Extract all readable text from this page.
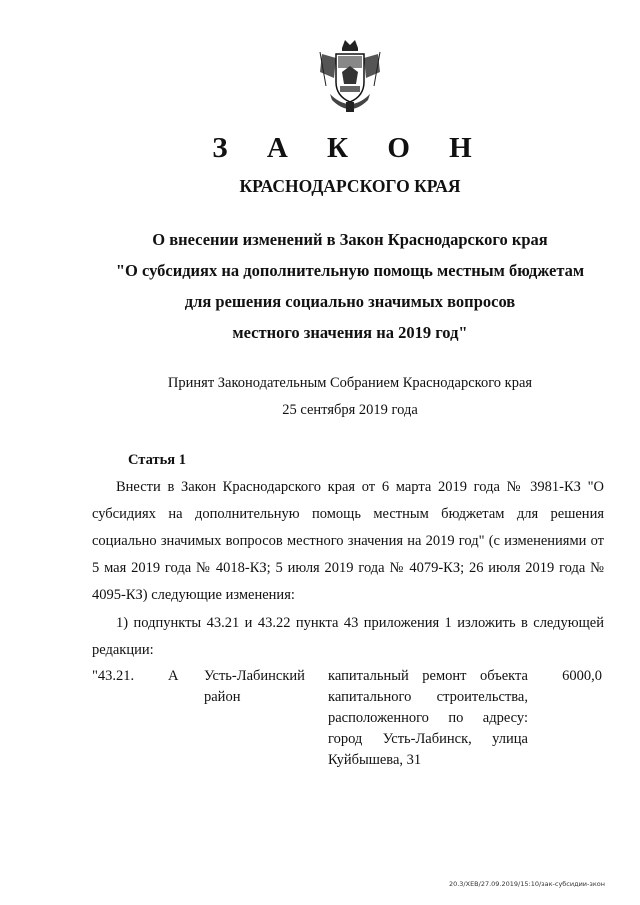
З А К О Н
КРАСНОДАРСКОГО КРАЯ
О внесении изменений в Закон Краснодарского края
"О субсидиях на дополнительную помощь местным бюджетам
для решения социально значимых вопросов
местного значения на 2019 год"
Принят Законодательным Собранием Краснодарского края
25 сентября 2019 года
Статья 1
Внести в Закон Краснодарского края от 6 марта 2019 года № 3981-КЗ "О субсидиях на дополнительную помощь местным бюджетам для решения социально значимых вопросов местного значения на 2019 год" (с изменениями от 5 мая 2019 года № 4018-КЗ; 5 июля 2019 года № 4079-КЗ; 26 июля 2019 года № 4095-КЗ) следующие изменения:
1) подпункты 43.21 и 43.22 пункта 43 приложения 1 изложить в следующей редакции:
"43.21. А Усть-Лабинский район
капитальный ремонт объекта капитального строительства, расположенного по адресу: город Усть-Лабинск, улица Куйбышева, 31
6000,0
20.3/ХЕВ/27.09.2019/15:10/зак-субсидии-зкон
